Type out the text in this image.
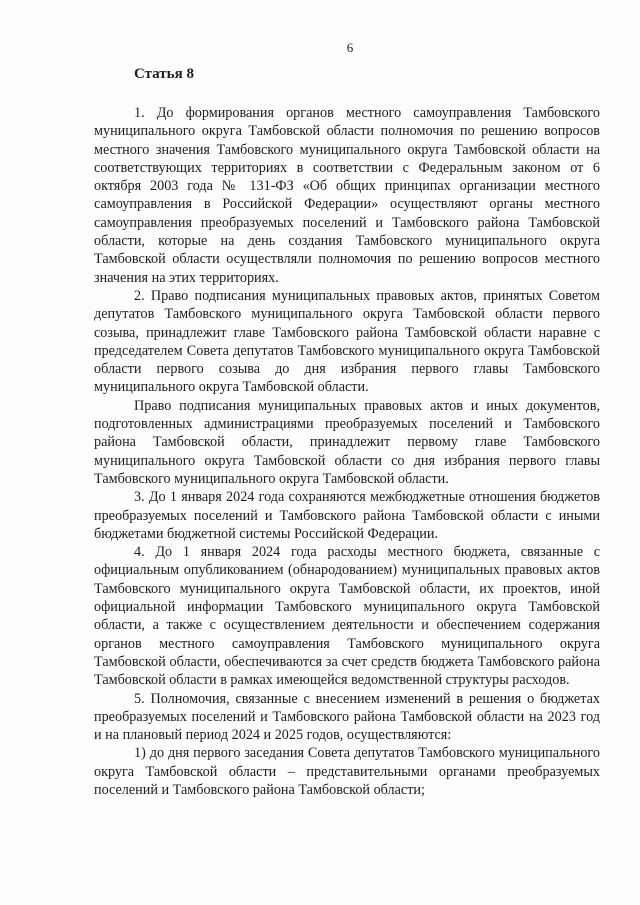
6
Статья 8

1. До формирования органов местного самоуправления Тамбовского муниципального округа Тамбовской области полномочия по решению вопросов местного значения Тамбовского муниципального округа Тамбовской области на соответствующих территориях в соответствии с Федеральным законом от 6 октября 2003 года № 131-ФЗ «Об общих принципах организации местного самоуправления в Российской Федерации» осуществляют органы местного самоуправления преобразуемых поселений и Тамбовского района Тамбовской области, которые на день создания Тамбовского муниципального округа Тамбовской области осуществляли полномочия по решению вопросов местного значения на этих территориях.

2. Право подписания муниципальных правовых актов, принятых Советом депутатов Тамбовского муниципального округа Тамбовской области первого созыва, принадлежит главе Тамбовского района Тамбовской области наравне с председателем Совета депутатов Тамбовского муниципального округа Тамбовской области первого созыва до дня избрания первого главы Тамбовского муниципального округа Тамбовской области.

Право подписания муниципальных правовых актов и иных документов, подготовленных администрациями преобразуемых поселений и Тамбовского района Тамбовской области, принадлежит первому главе Тамбовского муниципального округа Тамбовской области со дня избрания первого главы Тамбовского муниципального округа Тамбовской области.

3. До 1 января 2024 года сохраняются межбюджетные отношения бюджетов преобразуемых поселений и Тамбовского района Тамбовской области с иными бюджетами бюджетной системы Российской Федерации.

4. До 1 января 2024 года расходы местного бюджета, связанные с официальным опубликованием (обнародованием) муниципальных правовых актов Тамбовского муниципального округа Тамбовской области, их проектов, иной официальной информации Тамбовского муниципального округа Тамбовской области, а также с осуществлением деятельности и обеспечением содержания органов местного самоуправления Тамбовского муниципального округа Тамбовской области, обеспечиваются за счет средств бюджета Тамбовского района Тамбовской области в рамках имеющейся ведомственной структуры расходов.

5. Полномочия, связанные с внесением изменений в решения о бюджетах преобразуемых поселений и Тамбовского района Тамбовской области на 2023 год и на плановый период 2024 и 2025 годов, осуществляются:

1) до дня первого заседания Совета депутатов Тамбовского муниципального округа Тамбовской области – представительными органами преобразуемых поселений и Тамбовского района Тамбовской области;
